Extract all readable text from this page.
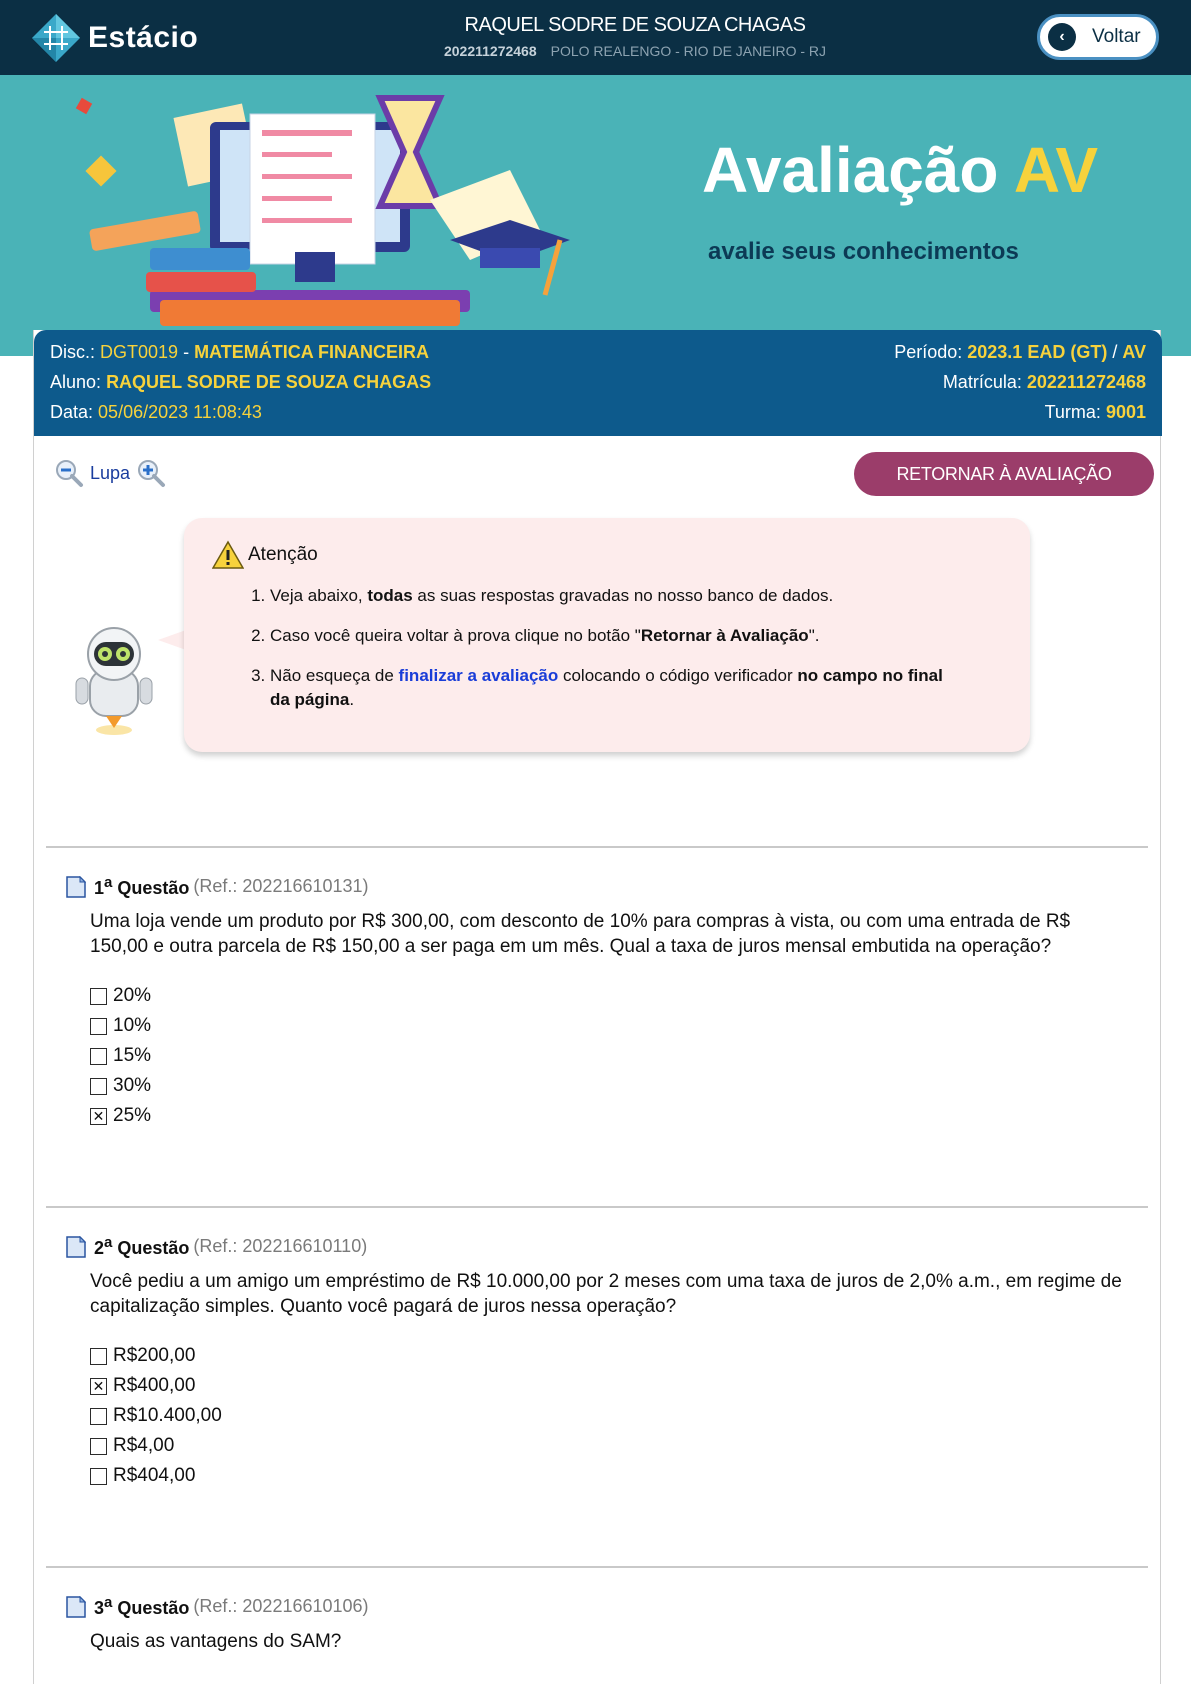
Estácio	RAQUEL SODRE DE SOUZA CHAGAS
202211272468 POLO REALENGO - RIO DE JANEIRO - RJ
‹	Voltar
Avaliação AV
avalie seus conhecimentos
Disc.: DGT0019 - MATEMÁTICA FINANCEIRA
Aluno: RAQUEL SODRE DE SOUZA CHAGAS
Data: 05/06/2023 11:08:43
Período: 2023.1 EAD (GT) / AV
Matrícula: 202211272468
Turma: 9001
Lupa	RETORNAR À AVALIAÇÃO
Atenção
1. Veja abaixo, todas as suas respostas gravadas no nosso banco de dados.
2. Caso você queira voltar à prova clique no botão "Retornar à Avaliação".
3. Não esqueça de finalizar a avaliação colocando o código verificador no campo no final da página.
1$^a$ Questão (Ref.: 202216610131)
Uma loja vende um produto por R$ 300,00, com desconto de 10% para compras à vista, ou com uma entrada de R$ 150,00 e outra parcela de R$ 150,00 a ser paga em um mês. Qual a taxa de juros mensal embutida na operação?
20%
10%
15%
30%
✕ 25%
2$^a$ Questão (Ref.: 202216610110)
Você pediu a um amigo um empréstimo de R$ 10.000,00 por 2 meses com uma taxa de juros de 2,0% a.m., em regime de capitalização simples. Quanto você pagará de juros nessa operação?
R$200,00
✕ R$400,00
R$10.400,00
R$4,00
R$404,00
3$^a$ Questão (Ref.: 202216610106)
Quais as vantagens do SAM?
